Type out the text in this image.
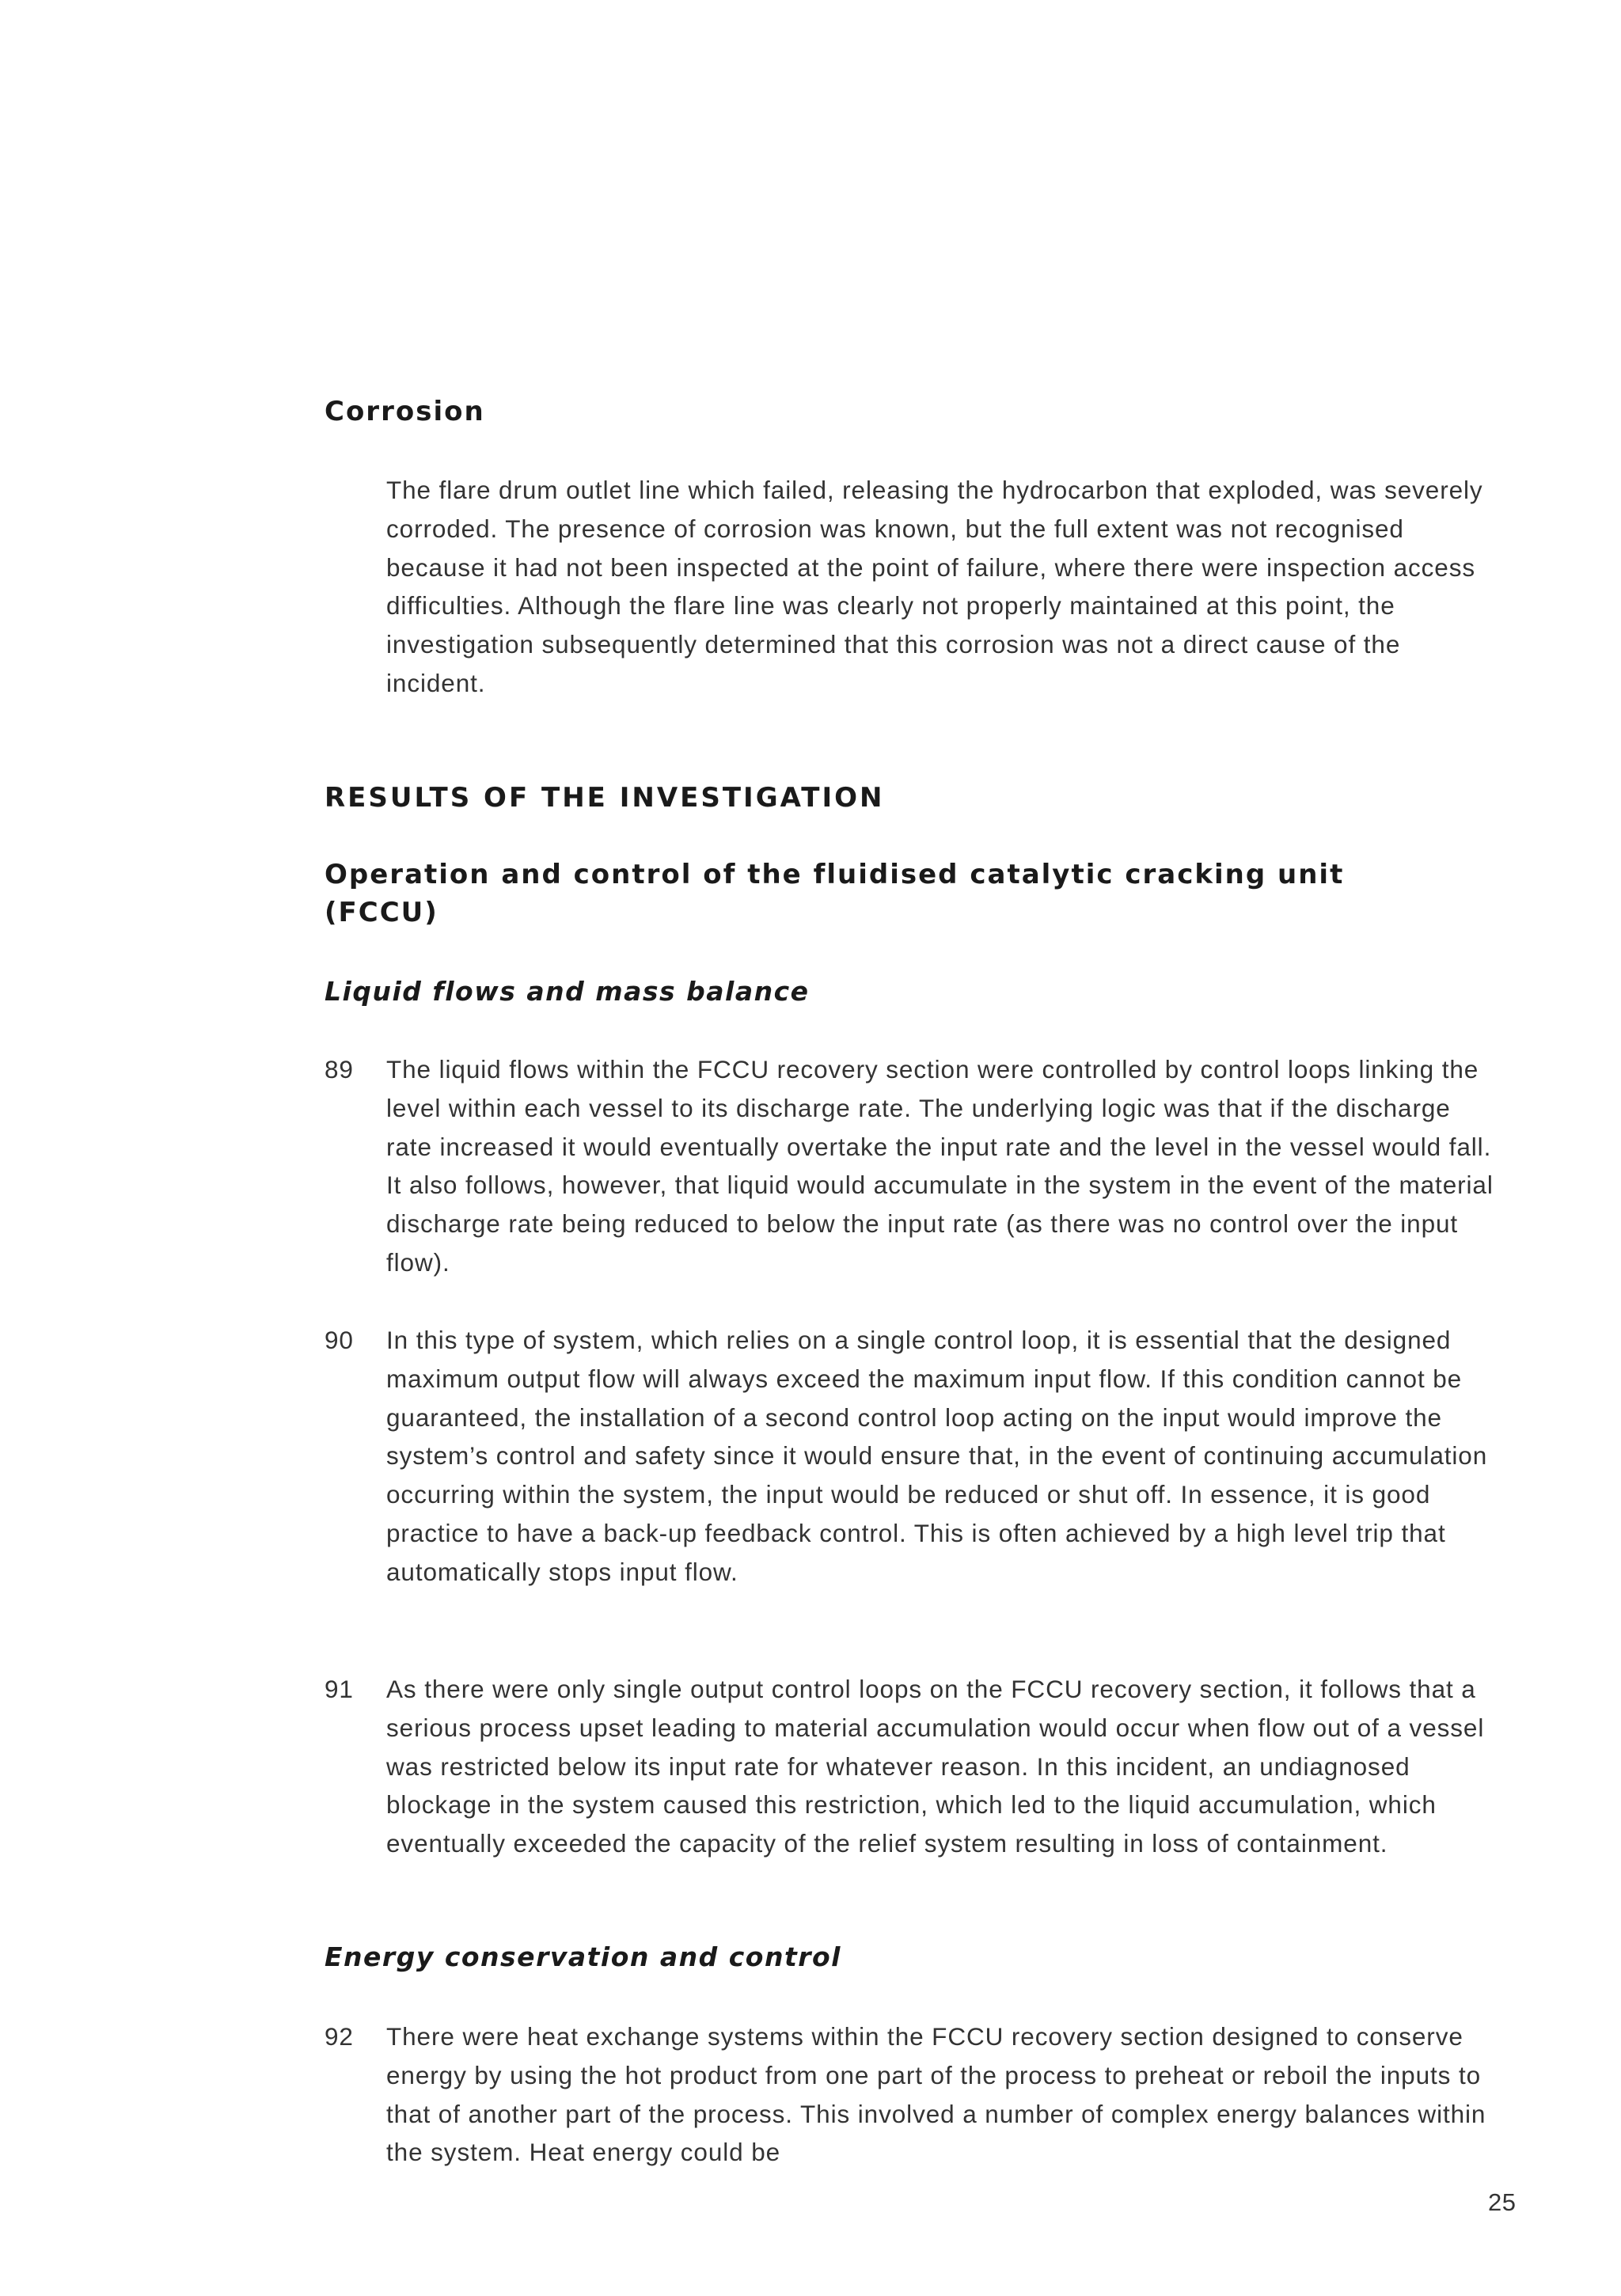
Corrosion
The flare drum outlet line which failed, releasing the hydrocarbon that exploded, was severely corroded. The presence of corrosion was known, but the full extent was not recognised because it had not been inspected at the point of failure, where there were inspection access difficulties. Although the flare line was clearly not properly maintained at this point, the investigation subsequently determined that this corrosion was not a direct cause of the incident.
RESULTS OF THE INVESTIGATION
Operation and control of the fluidised catalytic cracking unit
(FCCU)
Liquid flows and mass balance
89 The liquid flows within the FCCU recovery section were controlled by control loops linking the level within each vessel to its discharge rate. The underlying logic was that if the discharge rate increased it would eventually overtake the input rate and the level in the vessel would fall. It also follows, however, that liquid would accumulate in the system in the event of the material discharge rate being reduced to below the input rate (as there was no control over the input flow).
90 In this type of system, which relies on a single control loop, it is essential that the designed maximum output flow will always exceed the maximum input flow. If this condition cannot be guaranteed, the installation of a second control loop acting on the input would improve the system’s control and safety since it would ensure that, in the event of continuing accumulation occurring within the system, the input would be reduced or shut off. In essence, it is good practice to have a back-up feedback control. This is often achieved by a high level trip that automatically stops input flow.
91 As there were only single output control loops on the FCCU recovery section, it follows that a serious process upset leading to material accumulation would occur when flow out of a vessel was restricted below its input rate for whatever reason. In this incident, an undiagnosed blockage in the system caused this restriction, which led to the liquid accumulation, which eventually exceeded the capacity of the relief system resulting in loss of containment.
Energy conservation and control
92 There were heat exchange systems within the FCCU recovery section designed to conserve energy by using the hot product from one part of the process to preheat or reboil the inputs to that of another part of the process. This involved a number of complex energy balances within the system. Heat energy could be
25
